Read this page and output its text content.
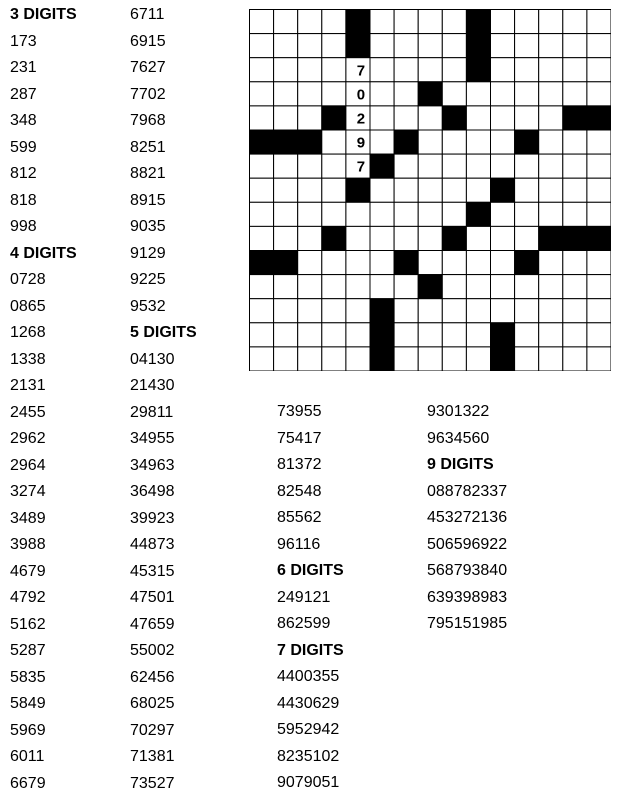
3 DIGITS
173
231
287
348
599
812
818
998
4 DIGITS
0728
0865
1268
1338
2131
2455
2962
2964
3274
3489
3988
4679
4792
5162
5287
5835
5849
5969
6011
6679
6711
6915
7627
7702
7968
8251
8821
8915
9035
9129
9225
9532
5 DIGITS
04130
21430
29811
34955
34963
36498
39923
44873
45315
47501
47659
55002
62456
68025
70297
71381
73527
73955
75417
81372
82548
85562
96116
6 DIGITS
249121
862599
7 DIGITS
4400355
4430629
5952942
8235102
9079051
9301322
9634560
9 DIGITS
088782337
453272136
506596922
568793840
639398983
795151985
7
0
2
9
7
